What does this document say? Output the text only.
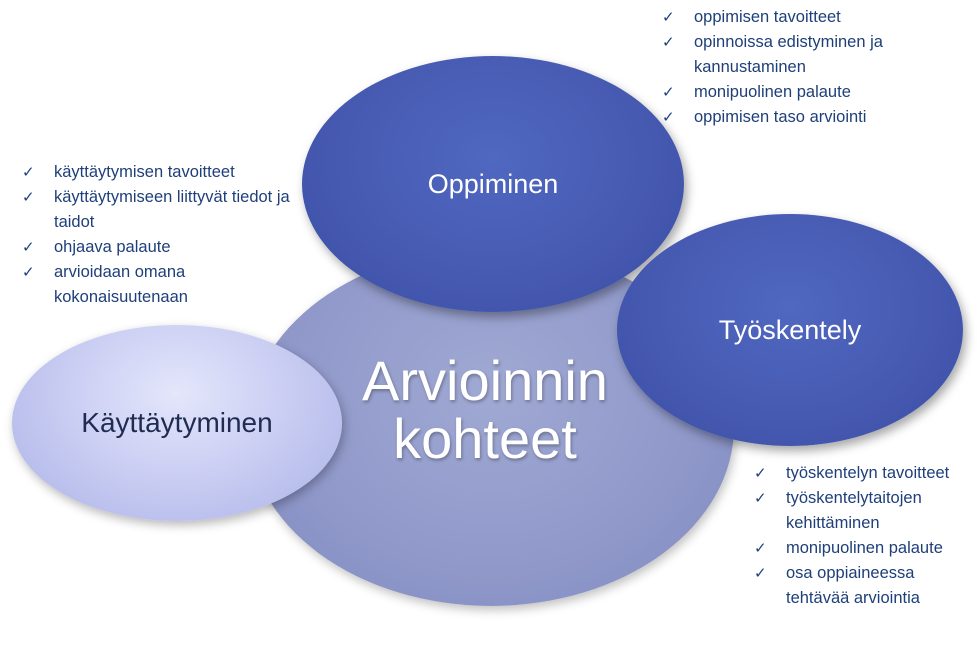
Käyttäytyminen
Arvioinnin
kohteet
Oppiminen
Työskentely
✓ käyttäytymisen tavoitteet
✓ käyttäytymiseen liittyvät tiedot ja taidot
✓ ohjaava palaute
✓ arvioidaan omana kokonaisuutenaan
✓ oppimisen tavoitteet
✓ opinnoissa edistyminen ja kannustaminen
✓ monipuolinen palaute
✓ oppimisen taso arviointi
✓ työskentelyn tavoitteet
✓ työskentelytaitojen kehittäminen
✓ monipuolinen palaute
✓ osa oppiaineessa tehtävää arviointia
